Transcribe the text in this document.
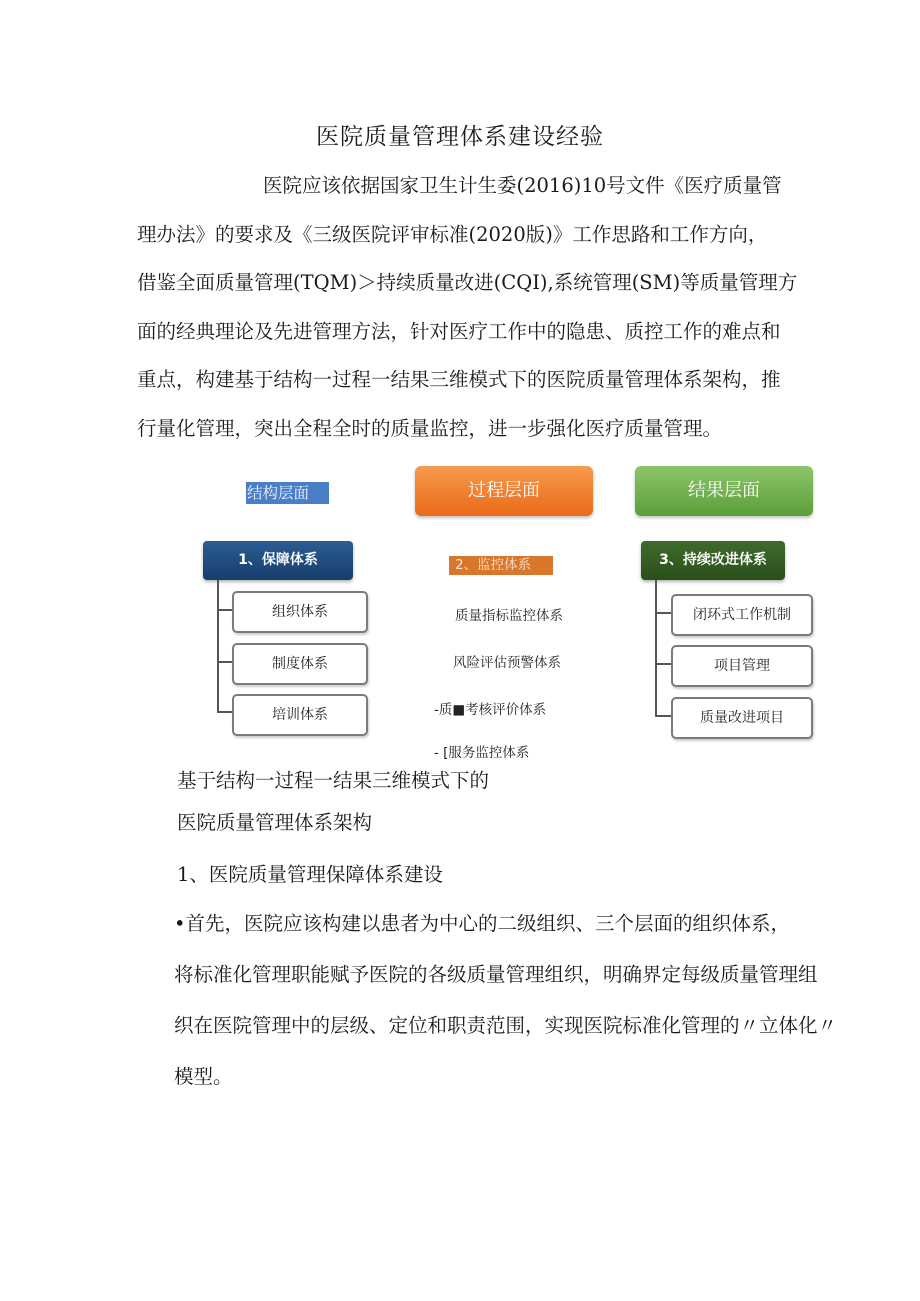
医院质量管理体系建设经验
医院应该依据国家卫生计生委(2016)10号文件《医疗质量管
理办法》的要求及《三级医院评审标准(2020版)》工作思路和工作方向，
借鉴全面质量管理(TQM)＞持续质量改进(CQI),系统管理(SM)等质量管理方
面的经典理论及先进管理方法，针对医疗工作中的隐患、质控工作的难点和
重点，构建基于结构一过程一结果三维模式下的医院质量管理体系架构，推
行量化管理，突出全程全时的质量监控，进一步强化医疗质量管理。
结构层面	过程层面	结果层面
1、保障体系
组织体系
制度体系
培训体系
2、监控体系
质量指标监控体系
风险评估预警体系
-质■考核评价体系
- [服务监控体系
3、持续改进体系
闭环式工作机制
项目管理
质量改进项目
基于结构一过程一结果三维模式下的
医院质量管理体系架构
1、医院质量管理保障体系建设
•首先，医院应该构建以患者为中心的二级组织、三个层面的组织体系，
将标准化管理职能赋予医院的各级质量管理组织，明确界定每级质量管理组
织在医院管理中的层级、定位和职责范围，实现医院标准化管理的〃立体化〃
模型。
